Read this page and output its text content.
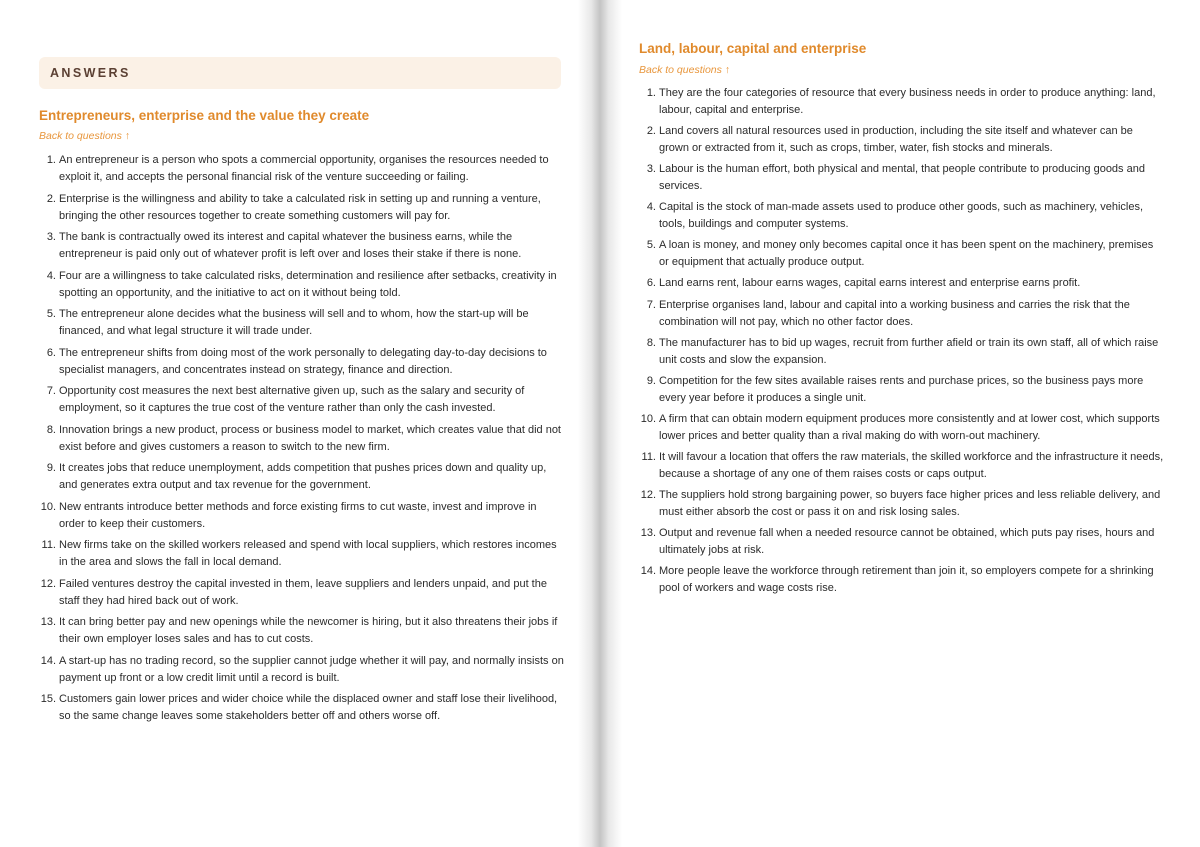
ANSWERS
Entrepreneurs, enterprise and the value they create
Back to questions ↑
1. An entrepreneur is a person who spots a commercial opportunity, organises the resources needed to exploit it, and accepts the personal financial risk of the venture succeeding or failing.
2. Enterprise is the willingness and ability to take a calculated risk in setting up and running a venture, bringing the other resources together to create something customers will pay for.
3. The bank is contractually owed its interest and capital whatever the business earns, while the entrepreneur is paid only out of whatever profit is left over and loses their stake if there is none.
4. Four are a willingness to take calculated risks, determination and resilience after setbacks, creativity in spotting an opportunity, and the initiative to act on it without being told.
5. The entrepreneur alone decides what the business will sell and to whom, how the start-up will be financed, and what legal structure it will trade under.
6. The entrepreneur shifts from doing most of the work personally to delegating day-to-day decisions to specialist managers, and concentrates instead on strategy, finance and direction.
7. Opportunity cost measures the next best alternative given up, such as the salary and security of employment, so it captures the true cost of the venture rather than only the cash invested.
8. Innovation brings a new product, process or business model to market, which creates value that did not exist before and gives customers a reason to switch to the new firm.
9. It creates jobs that reduce unemployment, adds competition that pushes prices down and quality up, and generates extra output and tax revenue for the government.
10. New entrants introduce better methods and force existing firms to cut waste, invest and improve in order to keep their customers.
11. New firms take on the skilled workers released and spend with local suppliers, which restores incomes in the area and slows the fall in local demand.
12. Failed ventures destroy the capital invested in them, leave suppliers and lenders unpaid, and put the staff they had hired back out of work.
13. It can bring better pay and new openings while the newcomer is hiring, but it also threatens their jobs if their own employer loses sales and has to cut costs.
14. A start-up has no trading record, so the supplier cannot judge whether it will pay, and normally insists on payment up front or a low credit limit until a record is built.
15. Customers gain lower prices and wider choice while the displaced owner and staff lose their livelihood, so the same change leaves some stakeholders better off and others worse off.
Land, labour, capital and enterprise
Back to questions ↑
1. They are the four categories of resource that every business needs in order to produce anything: land, labour, capital and enterprise.
2. Land covers all natural resources used in production, including the site itself and whatever can be grown or extracted from it, such as crops, timber, water, fish stocks and minerals.
3. Labour is the human effort, both physical and mental, that people contribute to producing goods and services.
4. Capital is the stock of man-made assets used to produce other goods, such as machinery, vehicles, tools, buildings and computer systems.
5. A loan is money, and money only becomes capital once it has been spent on the machinery, premises or equipment that actually produce output.
6. Land earns rent, labour earns wages, capital earns interest and enterprise earns profit.
7. Enterprise organises land, labour and capital into a working business and carries the risk that the combination will not pay, which no other factor does.
8. The manufacturer has to bid up wages, recruit from further afield or train its own staff, all of which raise unit costs and slow the expansion.
9. Competition for the few sites available raises rents and purchase prices, so the business pays more every year before it produces a single unit.
10. A firm that can obtain modern equipment produces more consistently and at lower cost, which supports lower prices and better quality than a rival making do with worn-out machinery.
11. It will favour a location that offers the raw materials, the skilled workforce and the infrastructure it needs, because a shortage of any one of them raises costs or caps output.
12. The suppliers hold strong bargaining power, so buyers face higher prices and less reliable delivery, and must either absorb the cost or pass it on and risk losing sales.
13. Output and revenue fall when a needed resource cannot be obtained, which puts pay rises, hours and ultimately jobs at risk.
14. More people leave the workforce through retirement than join it, so employers compete for a shrinking pool of workers and wage costs rise.
